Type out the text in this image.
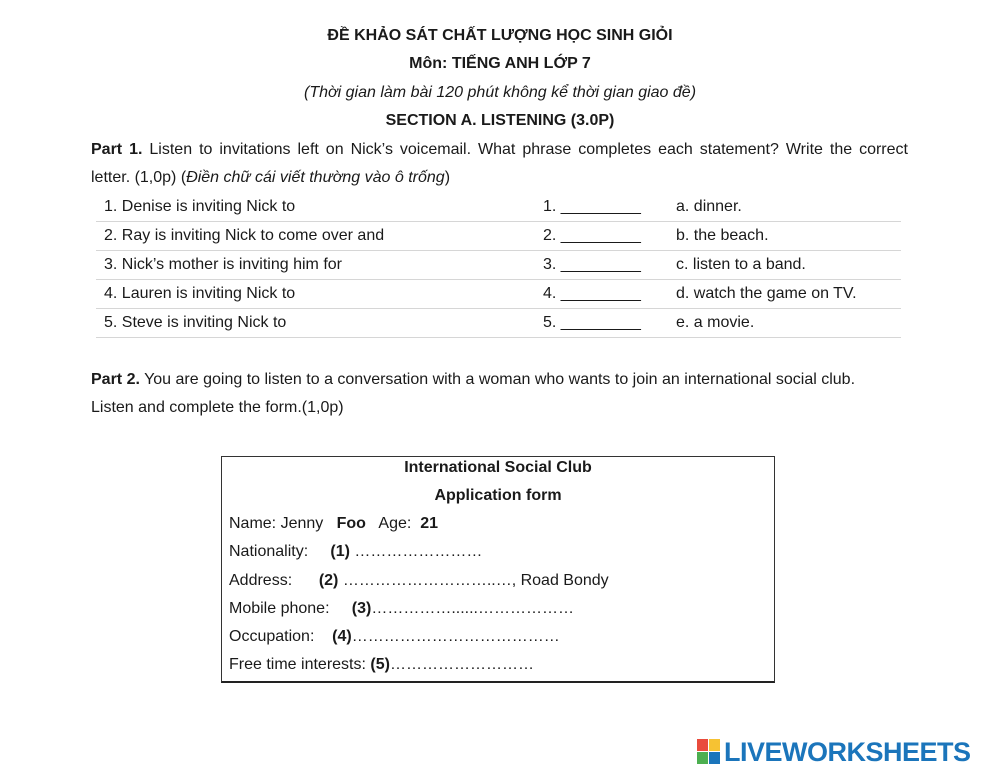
ĐỀ KHẢO SÁT CHẤT LƯỢNG HỌC SINH GIỎI
Môn: TIẾNG ANH LỚP 7
(Thời gian làm bài 120 phút không kể thời gian giao đề)
SECTION A. LISTENING (3.0P)
Part 1. Listen to invitations left on Nick’s voicemail. What phrase completes each statement? Write the correct
letter. (1,0p) (Điền chữ cái viết thường vào ô trống)
1. Denise is inviting Nick to	1. _________ a. dinner.
2. Ray is inviting Nick to come over and	2. _________ b. the beach.
3. Nick’s mother is inviting him for	3. _________ c. listen to a band.
4. Lauren is inviting Nick to	4. _________ d. watch the game on TV.
5. Steve is inviting Nick to	5. _________ e. a movie.
Part 2. You are going to listen to a conversation with a woman who wants to join an international social club.
Listen and complete the form.(1,0p)
International Social Club
Application form
Name: Jenny Foo Age: 21
Nationality: (1) ……………………
Address: (2) ………………………..…, Road Bondy
Mobile phone: (3)……………......………………
Occupation: (4)…………………………………
Free time interests: (5)………………………
LIVEWORKSHEETS
